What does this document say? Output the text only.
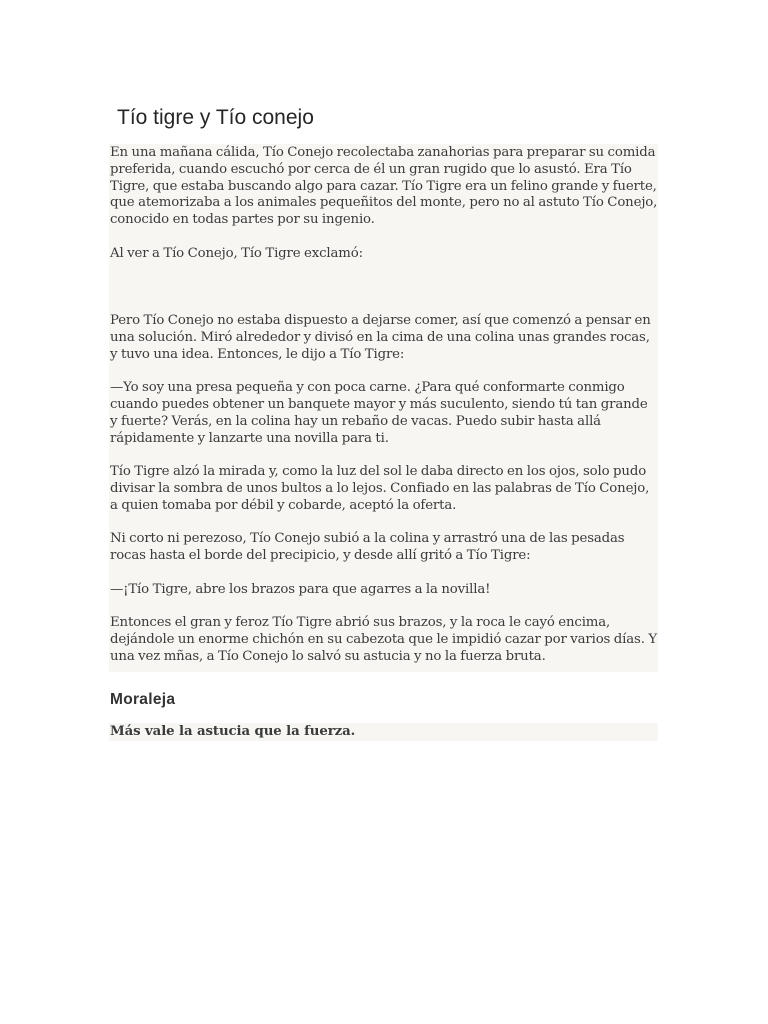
Tío tigre y Tío conejo

En una mañana cálida, Tío Conejo recolectaba zanahorias para preparar su comida preferida, cuando escuchó por cerca de él un gran rugido que lo asustó. Era Tío Tigre, que estaba buscando algo para cazar. Tío Tigre era un felino grande y fuerte, que atemorizaba a los animales pequeñitos del monte, pero no al astuto Tío Conejo, conocido en todas partes por su ingenio.

Al ver a Tío Conejo, Tío Tigre exclamó:

Pero Tío Conejo no estaba dispuesto a dejarse comer, así que comenzó a pensar en una solución. Miró alrededor y divisó en la cima de una colina unas grandes rocas, y tuvo una idea. Entonces, le dijo a Tío Tigre:

—Yo soy una presa pequeña y con poca carne. ¿Para qué conformarte conmigo cuando puedes obtener un banquete mayor y más suculento, siendo tú tan grande y fuerte? Verás, en la colina hay un rebaño de vacas. Puedo subir hasta allá rápidamente y lanzarte una novilla para ti.

Tío Tigre alzó la mirada y, como la luz del sol le daba directo en los ojos, solo pudo divisar la sombra de unos bultos a lo lejos. Confiado en las palabras de Tío Conejo, a quien tomaba por débil y cobarde, aceptó la oferta.

Ni corto ni perezoso, Tío Conejo subió a la colina y arrastró una de las pesadas rocas hasta el borde del precipicio, y desde allí gritó a Tío Tigre:

—¡Tío Tigre, abre los brazos para que agarres a la novilla!

Entonces el gran y feroz Tío Tigre abrió sus brazos, y la roca le cayó encima, dejándole un enorme chichón en su cabezota que le impidió cazar por varios días. Y una vez mñas, a Tío Conejo lo salvó su astucia y no la fuerza bruta.

Moraleja

Más vale la astucia que la fuerza.
